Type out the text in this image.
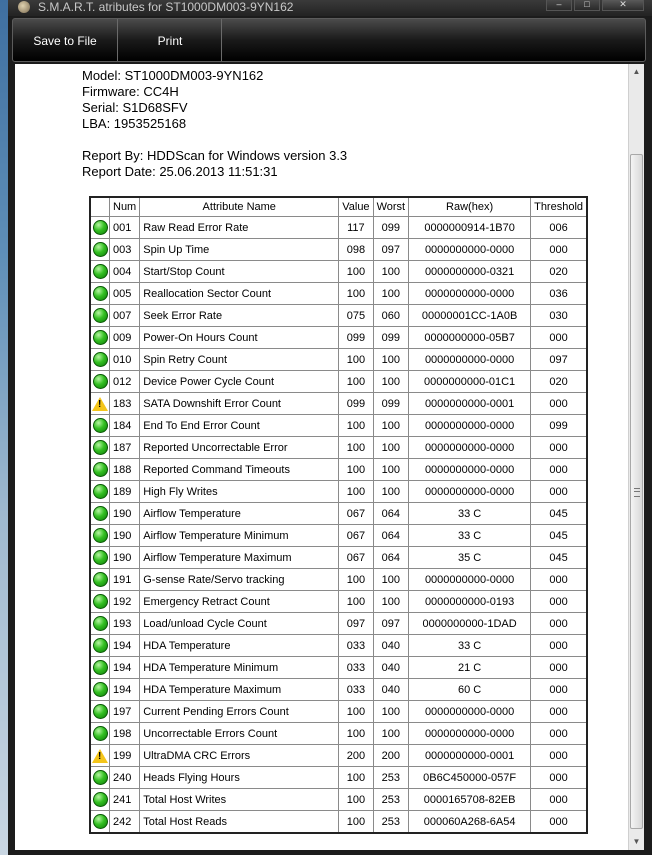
S.M.A.R.T. atributes for ST1000DM003-9YN162	–	□	✕
Save to File	Print
Model: ST1000DM003-9YN162
Firmware: CC4H
Serial: S1D68SFV
LBA: 1953525168
Report By: HDDScan for Windows version 3.3
Report Date: 25.06.2013 11:51:31
	Num	Attribute Name	Value	Worst	Raw(hex)	Threshold
	001	Raw Read Error Rate	117	099	0000000914-1B70	006
	003	Spin Up Time	098	097	0000000000-0000	000
	004	Start/Stop Count	100	100	0000000000-0321	020
	005	Reallocation Sector Count	100	100	0000000000-0000	036
	007	Seek Error Rate	075	060	00000001CC-1A0B	030
	009	Power-On Hours Count	099	099	0000000000-05B7	000
	010	Spin Retry Count	100	100	0000000000-0000	097
	012	Device Power Cycle Count	100	100	0000000000-01C1	020
!	183	SATA Downshift Error Count	099	099	0000000000-0001	000
	184	End To End Error Count	100	100	0000000000-0000	099
	187	Reported Uncorrectable Error	100	100	0000000000-0000	000
	188	Reported Command Timeouts	100	100	0000000000-0000	000
	189	High Fly Writes	100	100	0000000000-0000	000
	190	Airflow Temperature	067	064	33 C	045
	190	Airflow Temperature Minimum	067	064	33 C	045
	190	Airflow Temperature Maximum	067	064	35 C	045
	191	G-sense Rate/Servo tracking	100	100	0000000000-0000	000
	192	Emergency Retract Count	100	100	0000000000-0193	000
	193	Load/unload Cycle Count	097	097	0000000000-1DAD	000
	194	HDA Temperature	033	040	33 C	000
	194	HDA Temperature Minimum	033	040	21 C	000
	194	HDA Temperature Maximum	033	040	60 C	000
	197	Current Pending Errors Count	100	100	0000000000-0000	000
	198	Uncorrectable Errors Count	100	100	0000000000-0000	000
!	199	UltraDMA CRC Errors	200	200	0000000000-0001	000
	240	Heads Flying Hours	100	253	0B6C450000-057F	000
	241	Total Host Writes	100	253	0000165708-82EB	000
	242	Total Host Reads	100	253	000060A268-6A54	000
▲
▼
